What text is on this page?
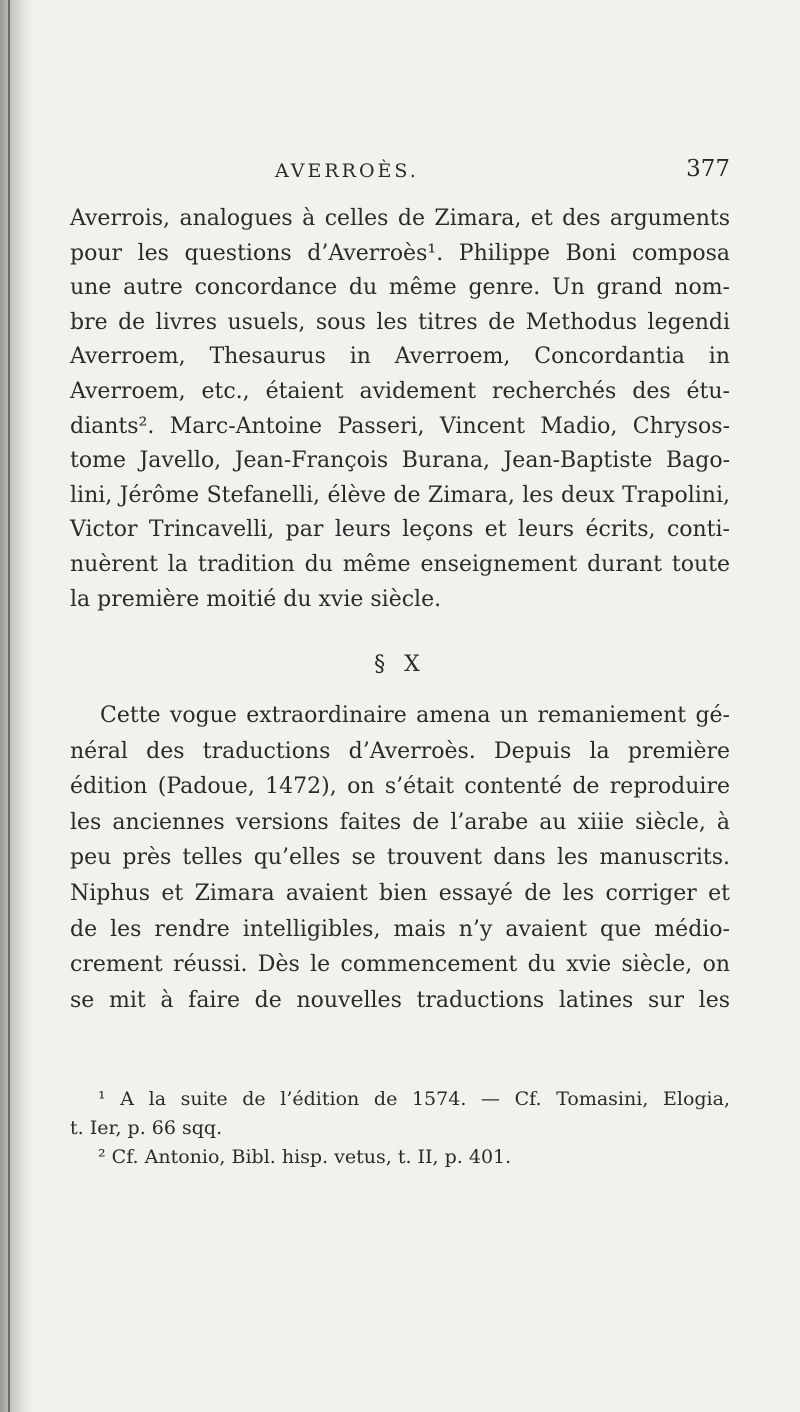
AVERROÈS.	377
Averrois, analogues à celles de Zimara, et des arguments
pour les questions d’Averroès¹. Philippe Boni composa
une autre concordance du même genre. Un grand nom-
bre de livres usuels, sous les titres de Methodus legendi
Averroem, Thesaurus in Averroem, Concordantia in
Averroem, etc., étaient avidement recherchés des étu-
diants². Marc-Antoine Passeri, Vincent Madio, Chrysos-
tome Javello, Jean-François Burana, Jean-Baptiste Bago-
lini, Jérôme Stefanelli, élève de Zimara, les deux Trapolini,
Victor Trincavelli, par leurs leçons et leurs écrits, conti-
nuèrent la tradition du même enseignement durant toute
la première moitié du xvie siècle.
§ X
Cette vogue extraordinaire amena un remaniement gé-
néral des traductions d’Averroès. Depuis la première
édition (Padoue, 1472), on s’était contenté de reproduire
les anciennes versions faites de l’arabe au xiiie siècle, à
peu près telles qu’elles se trouvent dans les manuscrits.
Niphus et Zimara avaient bien essayé de les corriger et
de les rendre intelligibles, mais n’y avaient que médio-
crement réussi. Dès le commencement du xvie siècle, on
se mit à faire de nouvelles traductions latines sur les
¹ A la suite de l’édition de 1574. — Cf. Tomasini, Elogia,
t. Ier, p. 66 sqq.
² Cf. Antonio, Bibl. hisp. vetus, t. II, p. 401.
